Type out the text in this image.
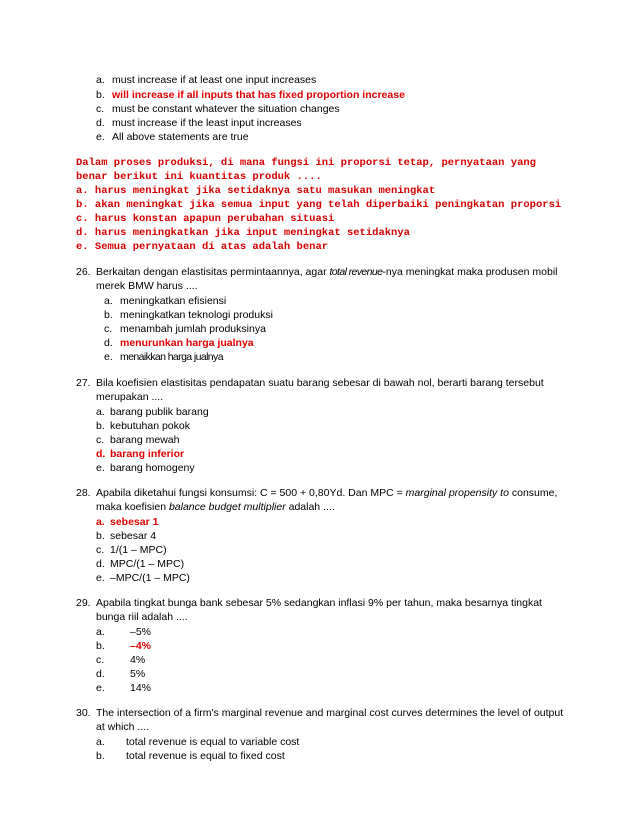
a. must increase if at least one input increases
b. will increase if all inputs that has fixed proportion increase
c. must be constant whatever the situation changes
d. must increase if the least input increases
e. All above statements are true
Dalam proses produksi, di mana fungsi ini proporsi tetap, pernyataan yang
benar berikut ini kuantitas produk ....
a. harus meningkat jika setidaknya satu masukan meningkat
b. akan meningkat jika semua input yang telah diperbaiki peningkatan proporsi
c. harus konstan apapun perubahan situasi
d. harus meningkatkan jika input meningkat setidaknya
e. Semua pernyataan di atas adalah benar
26. Berkaitan dengan elastisitas permintaannya, agar total revenue-nya meningkat maka produsen mobil
merek BMW harus ....
a. meningkatkan efisiensi
b. meningkatkan teknologi produksi
c. menambah jumlah produksinya
d. menurunkan harga jualnya
e. menaikkan harga jualnya
27. Bila koefisien elastisitas pendapatan suatu barang sebesar di bawah nol, berarti barang tersebut
merupakan ....
a. barang publik barang
b. kebutuhan pokok
c. barang mewah
d. barang inferior
e. barang homogeny
28. Apabila diketahui fungsi konsumsi: C = 500 + 0,80Yd. Dan MPC = marginal propensity to consume,
maka koefisien balance budget multiplier adalah ....
a. sebesar 1
b. sebesar 4
c. 1/(1 – MPC)
d. MPC/(1 – MPC)
e. –MPC/(1 – MPC)
29. Apabila tingkat bunga bank sebesar 5% sedangkan inflasi 9% per tahun, maka besarnya tingkat
bunga riil adalah ....
a. –5%
b. –4%
c. 4%
d. 5%
e. 14%
30. The intersection of a firm's marginal revenue and marginal cost curves determines the level of output
at which ....
a. total revenue is equal to variable cost
b. total revenue is equal to fixed cost
